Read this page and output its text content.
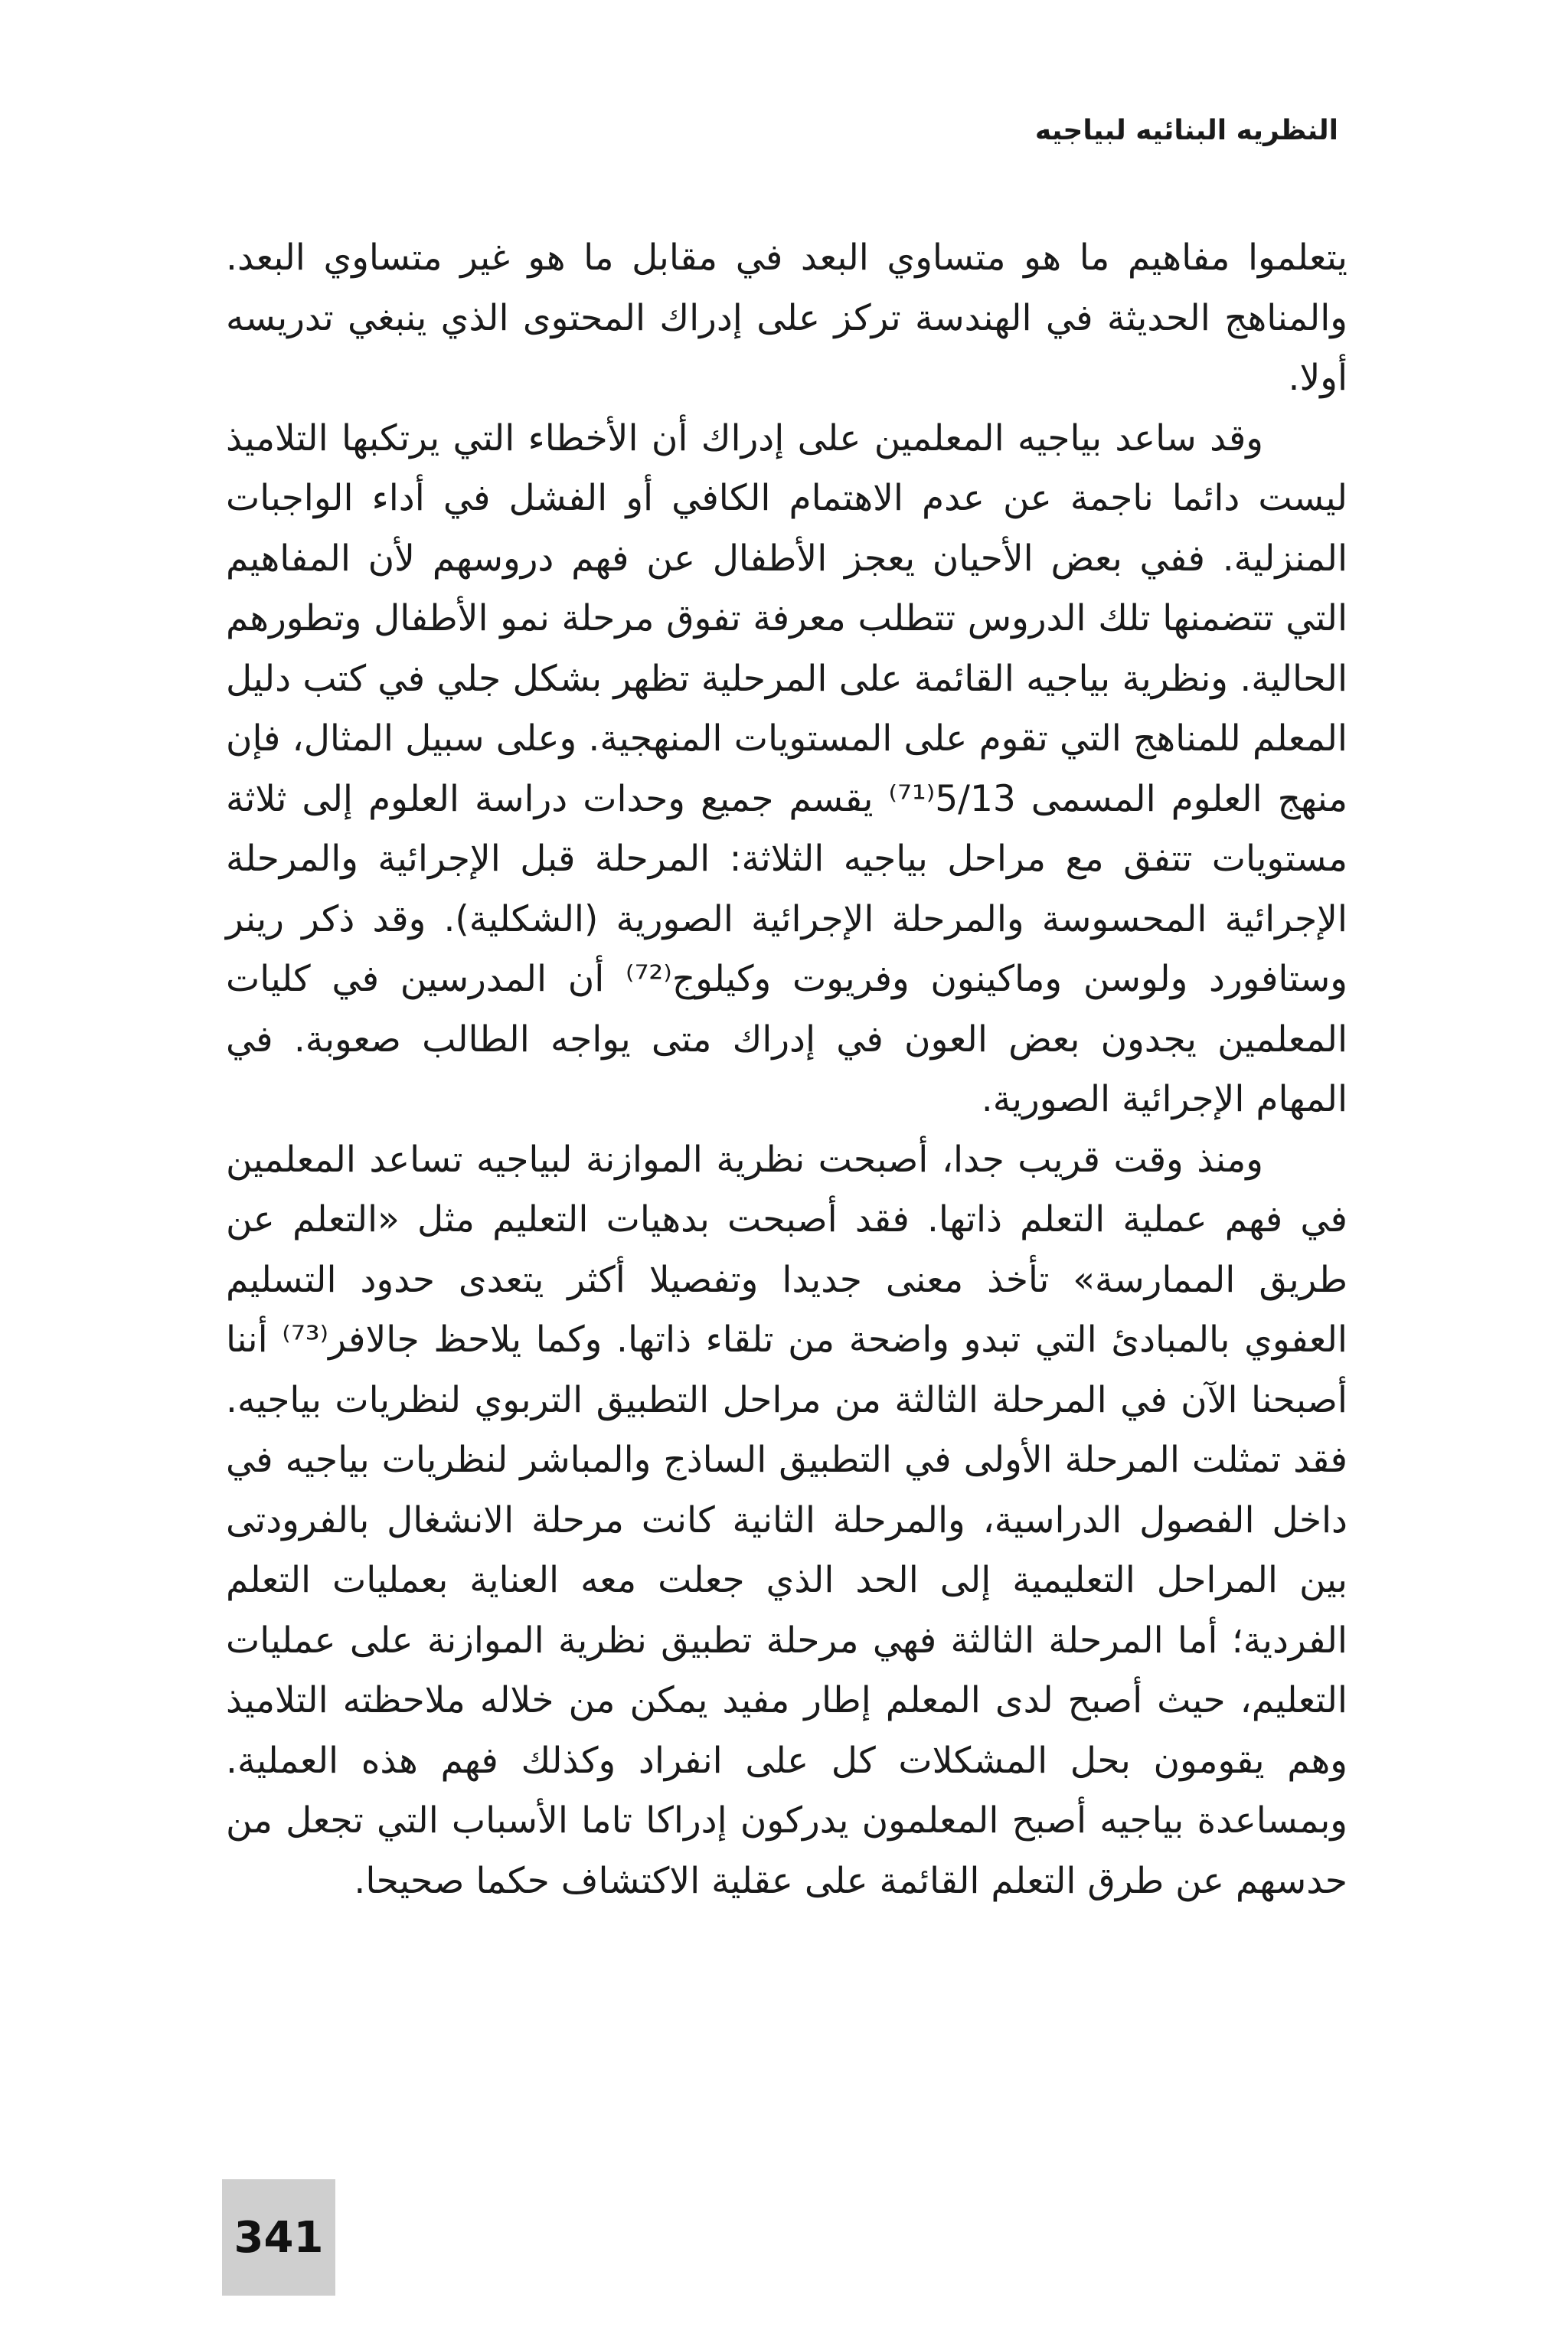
النظريه البنائيه لبياجيه

يتعلموا مفاهيم ما هو متساوي البعد في مقابل ما هو غير متساوي البعد. والمناهج الحديثة في الهندسة تركز على إدراك المحتوى الذي ينبغي تدريسه أولا.

وقد ساعد بياجيه المعلمين على إدراك أن الأخطاء التي يرتكبها التلاميذ ليست دائما ناجمة عن عدم الاهتمام الكافي أو الفشل في أداء الواجبات المنزلية. ففي بعض الأحيان يعجز الأطفال عن فهم دروسهم لأن المفاهيم التي تتضمنها تلك الدروس تتطلب معرفة تفوق مرحلة نمو الأطفال وتطورهم الحالية. ونظرية بياجيه القائمة على المرحلية تظهر بشكل جلي في كتب دليل المعلم للمناهج التي تقوم على المستويات المنهجية. وعلى سبيل المثال، فإن منهج العلوم المسمى 5/13⁽⁷¹⁾ يقسم جميع وحدات دراسة العلوم إلى ثلاثة مستويات تتفق مع مراحل بياجيه الثلاثة: المرحلة قبل الإجرائية والمرحلة الإجرائية المحسوسة والمرحلة الإجرائية الصورية (الشكلية). وقد ذكر رينر وستافورد ولوسن وماكينون وفريوت وكيلوج⁽⁷²⁾ أن المدرسين في كليات المعلمين يجدون بعض العون في إدراك متى يواجه الطالب صعوبة. في المهام الإجرائية الصورية.

ومنذ وقت قريب جدا، أصبحت نظرية الموازنة لبياجيه تساعد المعلمين في فهم عملية التعلم ذاتها. فقد أصبحت بدهيات التعليم مثل «التعلم عن طريق الممارسة» تأخذ معنى جديدا وتفصيلا أكثر يتعدى حدود التسليم العفوي بالمبادئ التي تبدو واضحة من تلقاء ذاتها. وكما يلاحظ جالافر⁽⁷³⁾ أننا أصبحنا الآن في المرحلة الثالثة من مراحل التطبيق التربوي لنظريات بياجيه. فقد تمثلت المرحلة الأولى في التطبيق الساذج والمباشر لنظريات بياجيه في داخل الفصول الدراسية، والمرحلة الثانية كانت مرحلة الانشغال بالفرودتى بين المراحل التعليمية إلى الحد الذي جعلت معه العناية بعمليات التعلم الفردية؛ أما المرحلة الثالثة فهي مرحلة تطبيق نظرية الموازنة على عمليات التعليم، حيث أصبح لدى المعلم إطار مفيد يمكن من خلاله ملاحظته التلاميذ وهم يقومون بحل المشكلات كل على انفراد وكذلك فهم هذه العملية. وبمساعدة بياجيه أصبح المعلمون يدركون إدراكا تاما الأسباب التي تجعل من حدسهم عن طرق التعلم القائمة على عقلية الاكتشاف حكما صحيحا.

341
